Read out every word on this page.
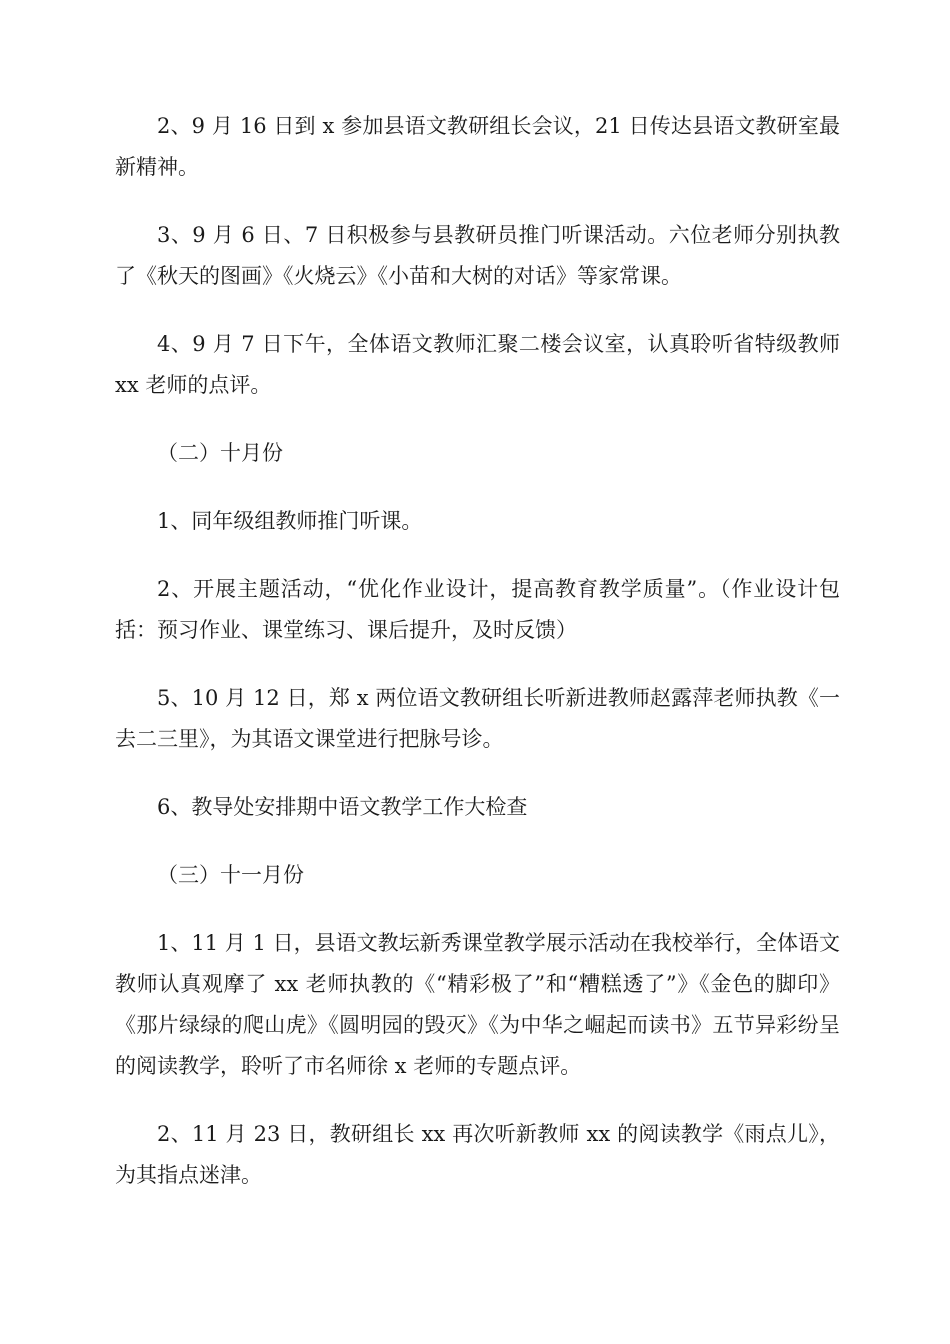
2、9 月 16 日到 x 参加县语文教研组长会议，21 日传达县语文教研室最新精神。

3、9 月 6 日、7 日积极参与县教研员推门听课活动。六位老师分别执教了《秋天的图画》《火烧云》《小苗和大树的对话》等家常课。

4、9 月 7 日下午，全体语文教师汇聚二楼会议室，认真聆听省特级教师 xx 老师的点评。

（二）十月份

1、同年级组教师推门听课。

2、开展主题活动，“优化作业设计，提高教育教学质量”。（作业设计包括：预习作业、课堂练习、课后提升，及时反馈）

5、10 月 12 日，郑 x 两位语文教研组长听新进教师赵露萍老师执教《一去二三里》，为其语文课堂进行把脉号诊。

6、教导处安排期中语文教学工作大检查

（三）十一月份

1、11 月 1 日，县语文教坛新秀课堂教学展示活动在我校举行，全体语文教师认真观摩了 xx 老师执教的《“精彩极了”和“糟糕透了”》《金色的脚印》《那片绿绿的爬山虎》《圆明园的毁灭》《为中华之崛起而读书》五节异彩纷呈的阅读教学，聆听了市名师徐 x 老师的专题点评。

2、11 月 23 日，教研组长 xx 再次听新教师 xx 的阅读教学《雨点儿》，为其指点迷津。
